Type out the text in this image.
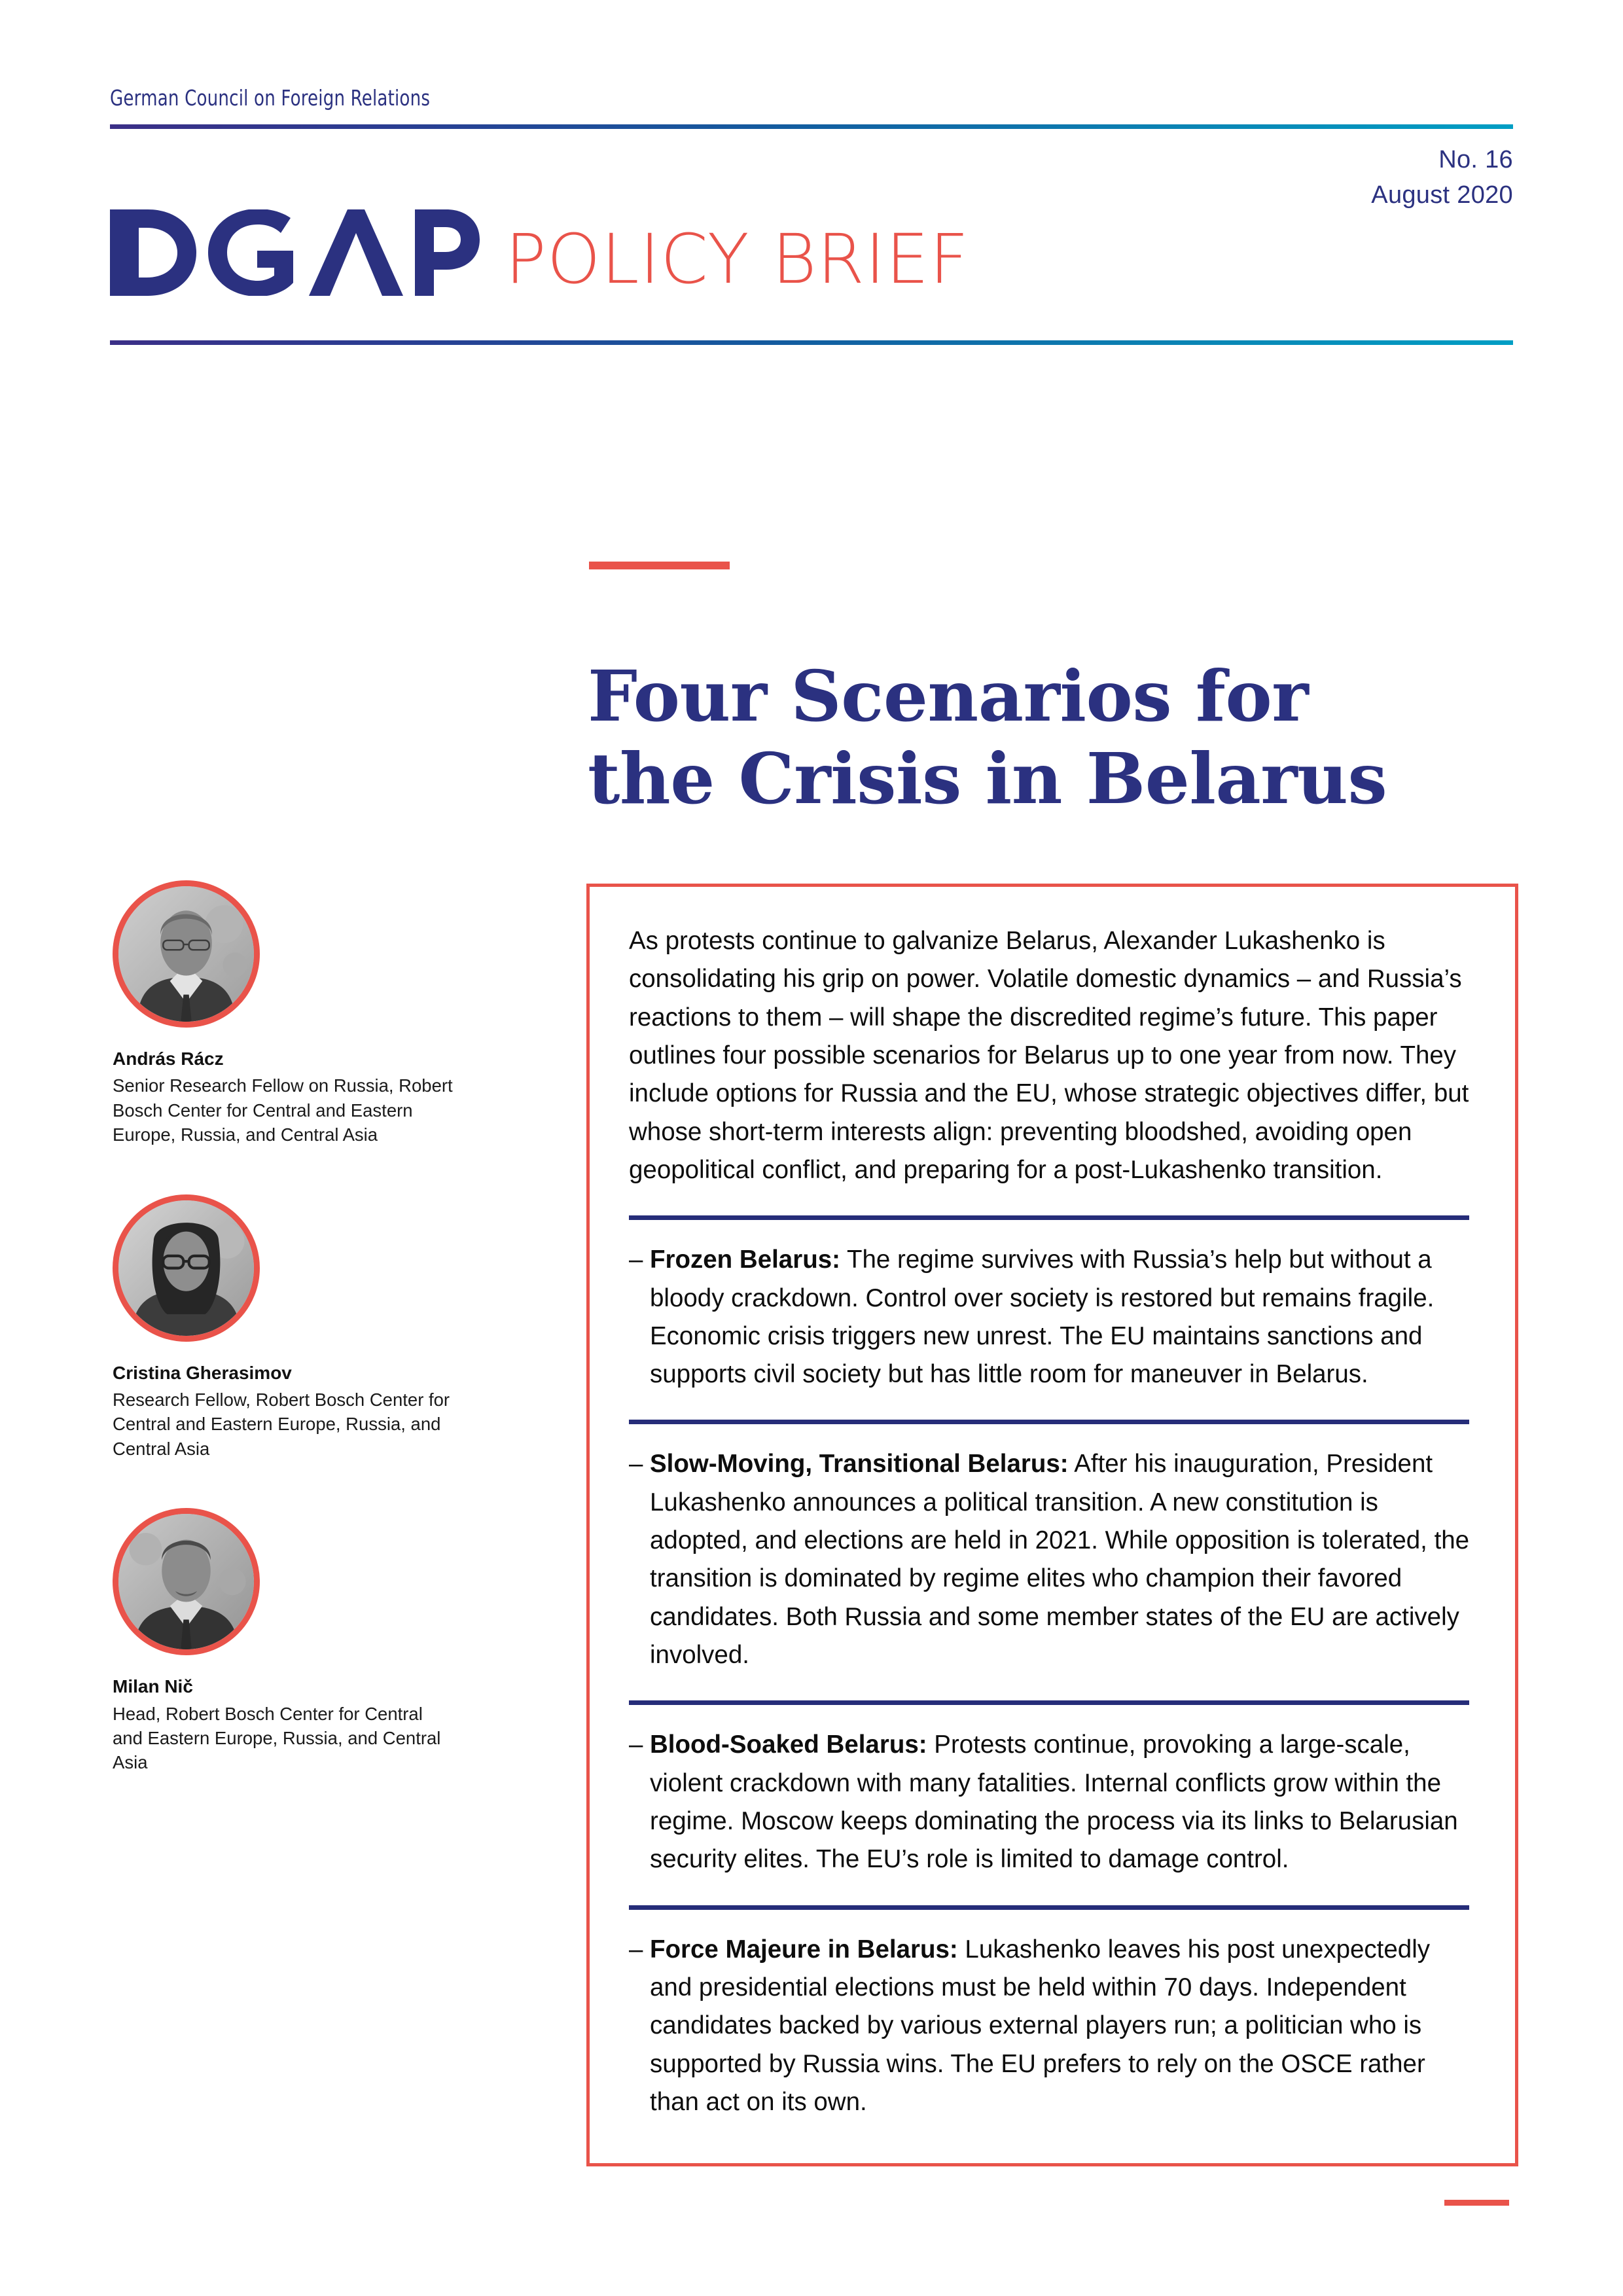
German Council on Foreign Relations
No. 16
August 2020
POLICY BRIEF
Four Scenarios for
the Crisis in Belarus
András Rácz
Senior Research Fellow on Russia, Robert Bosch Center for Central and Eastern Europe, Russia, and Central Asia
Cristina Gherasimov
Research Fellow, Robert Bosch Center for Central and Eastern Europe, Russia, and Central Asia
Milan Nič
Head, Robert Bosch Center for Central and Eastern Europe, Russia, and Central Asia

As protests continue to galvanize Belarus, Alexander Lukashenko is consolidating his grip on power. Volatile domestic dynamics – and Russia’s reactions to them – will shape the discredited regime’s future. This paper outlines four possible scenarios for Belarus up to one year from now. They include options for Russia and the EU, whose strategic objectives differ, but whose short-term interests align: preventing bloodshed, avoiding open geopolitical conflict, and preparing for a post-Lukashenko transition.

– Frozen Belarus: The regime survives with Russia’s help but without a bloody crackdown. Control over society is restored but remains fragile. Economic crisis triggers new unrest. The EU maintains sanctions and supports civil society but has little room for maneuver in Belarus.
– Slow-Moving, Transitional Belarus: After his inauguration, President Lukashenko announces a political transition. A new constitution is adopted, and elections are held in 2021. While opposition is tolerated, the transition is dominated by regime elites who champion their favored candidates. Both Russia and some member states of the EU are actively involved.
– Blood-Soaked Belarus: Protests continue, provoking a large-scale, violent crackdown with many fatalities. Internal conflicts grow within the regime. Moscow keeps dominating the process via its links to Belarusian security elites. The EU’s role is limited to damage control.
– Force Majeure in Belarus: Lukashenko leaves his post unexpectedly and presidential elections must be held within 70 days. Independent candidates backed by various external players run; a politician who is supported by Russia wins. The EU prefers to rely on the OSCE rather than act on its own.
